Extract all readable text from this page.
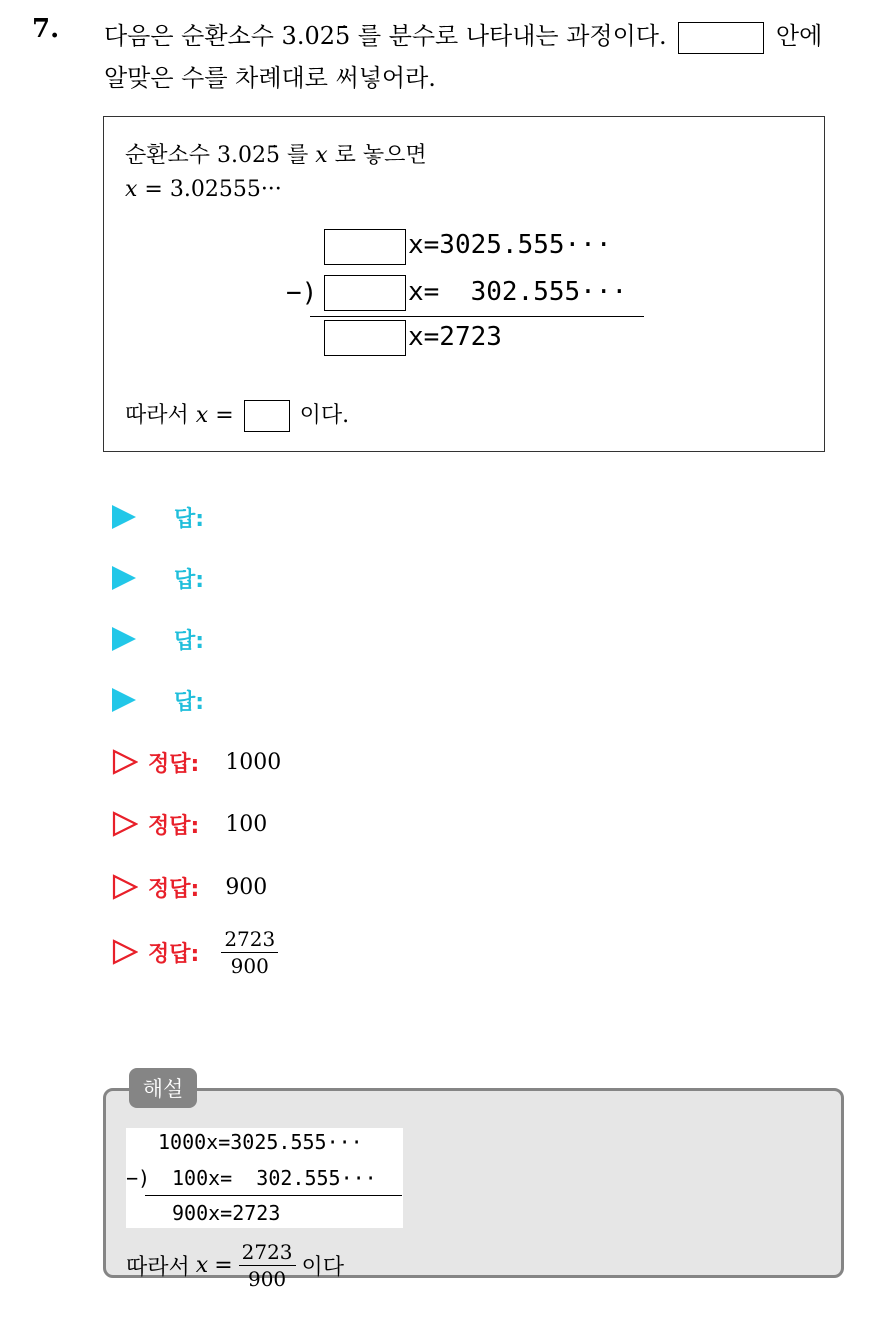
7. 다음은 순환소수 3.025̇ 를 분수로 나타내는 과정이다.	안에
알맞은 수를 차례대로 써넣어라.
순환소수 3.025̇ 를 x 로 놓으면
x = 3.02555···
x=3025.555···
−)	x=  302.555···
x=2723
따라서 x =	이다.
답:
답:
답:
답:
정답: 1000
정답: 100
정답: 900
정답: $\frac{2723}{900}$
해설
1000x=3025.555···
−) 100x=  302.555···
900x=2723
따라서 $x = \frac{2723}{900}$ 이다
